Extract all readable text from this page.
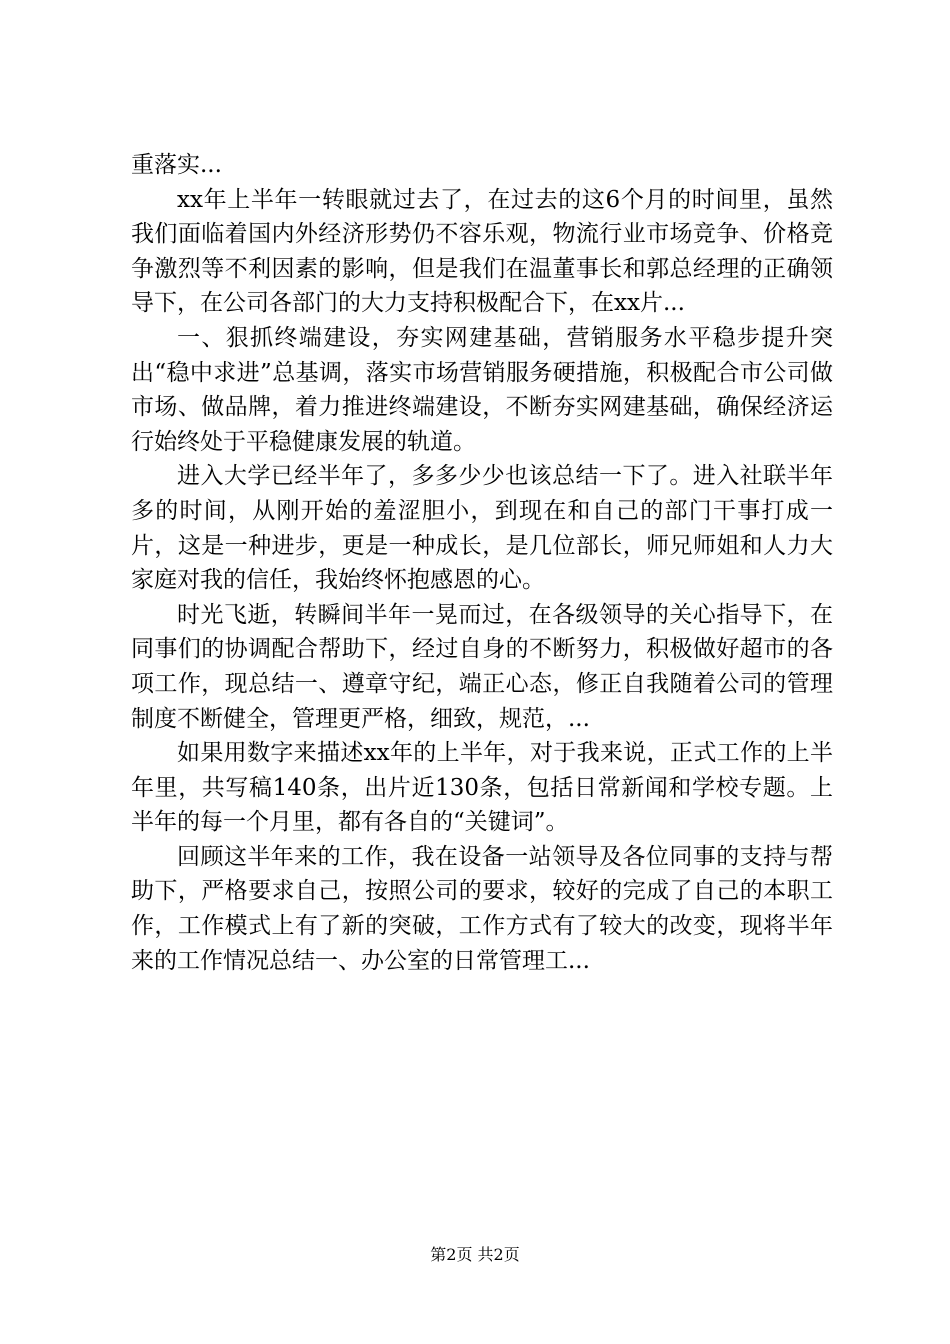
重落实...

xx年上半年一转眼就过去了，在过去的这6个月的时间里，虽然我们面临着国内外经济形势仍不容乐观，物流行业市场竞争、价格竞争激烈等不利因素的影响，但是我们在温董事长和郭总经理的正确领导下，在公司各部门的大力支持积极配合下，在xx片...

一、狠抓终端建设，夯实网建基础，营销服务水平稳步提升突出“稳中求进”总基调，落实市场营销服务硬措施，积极配合市公司做市场、做品牌，着力推进终端建设，不断夯实网建基础，确保经济运行始终处于平稳健康发展的轨道。

进入大学已经半年了，多多少少也该总结一下了。进入社联半年多的时间，从刚开始的羞涩胆小，到现在和自己的部门干事打成一片，这是一种进步，更是一种成长，是几位部长，师兄师姐和人力大家庭对我的信任，我始终怀抱感恩的心。

时光飞逝，转瞬间半年一晃而过，在各级领导的关心指导下，在同事们的协调配合帮助下，经过自身的不断努力，积极做好超市的各项工作，现总结一、遵章守纪，端正心态，修正自我随着公司的管理制度不断健全，管理更严格，细致，规范，...

如果用数字来描述xx年的上半年，对于我来说，正式工作的上半年里，共写稿140条，出片近130条，包括日常新闻和学校专题。上半年的每一个月里，都有各自的“关键词”。

回顾这半年来的工作，我在设备一站领导及各位同事的支持与帮助下，严格要求自己，按照公司的要求，较好的完成了自己的本职工作，工作模式上有了新的突破，工作方式有了较大的改变，现将半年来的工作情况总结一、办公室的日常管理工...

第2页 共2页
